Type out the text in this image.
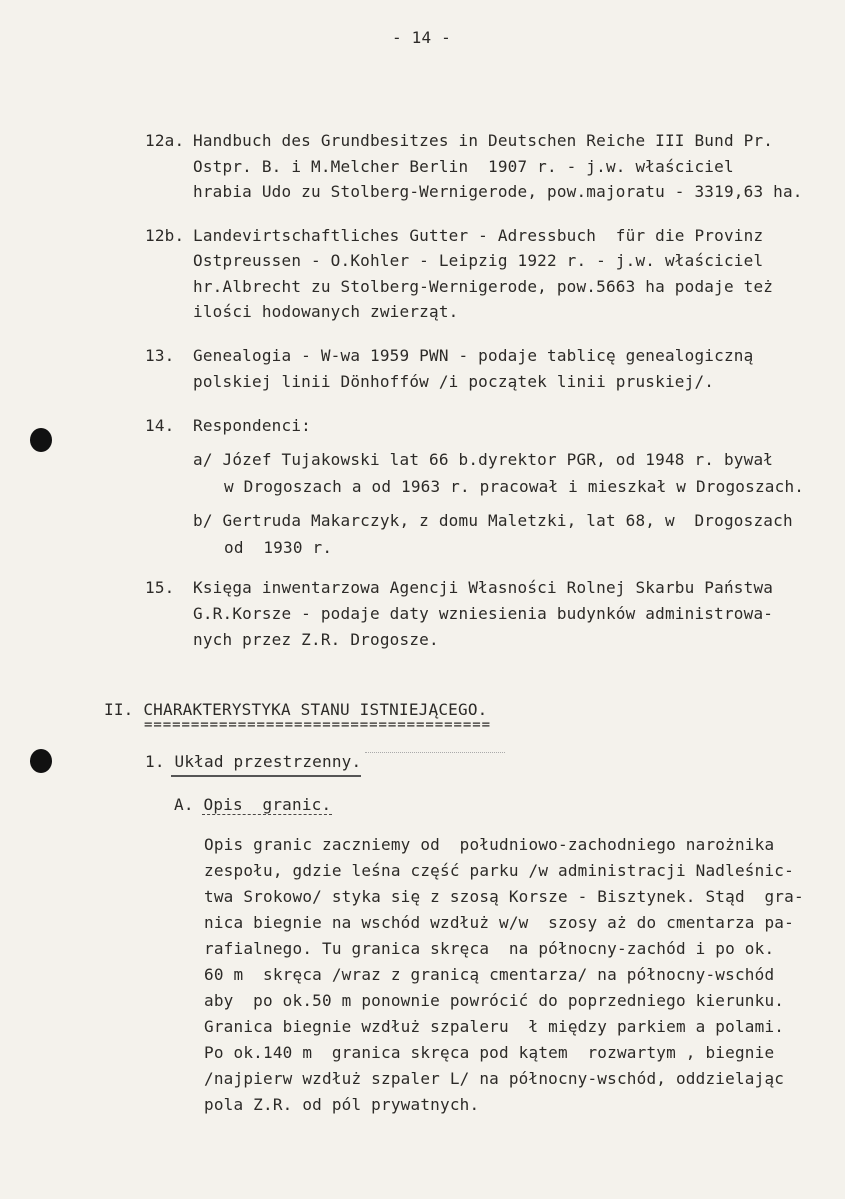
- 14 -
12a. Handbuch des Grundbesitzes in Deutschen Reiche III Bund Pr.
Ostpr. B. i M.Melcher Berlin  1907 r. - j.w. właściciel
hrabia Udo zu Stolberg-Wernigerode, pow.majoratu - 3319,63 ha.
12b. Landevirtschaftliches Gutter - Adressbuch  für die Provinz
Ostpreussen - O.Kohler - Leipzig 1922 r. - j.w. właściciel
hr.Albrecht zu Stolberg-Wernigerode, pow.5663 ha podaje też
ilości hodowanych zwierząt.
13. Genealogia - W-wa 1959 PWN - podaje tablicę genealogiczną
polskiej linii Dönhoffów /i początek linii pruskiej/.
14. Respondenci:
a/ Józef Tujakowski lat 66 b.dyrektor PGR, od 1948 r. bywał
w Drogoszach a od 1963 r. pracował i mieszkał w Drogoszach.
b/ Gertruda Makarczyk, z domu Maletzki, lat 68, w  Drogoszach
od  1930 r.
15. Księga inwentarzowa Agencji Własności Rolnej Skarbu Państwa
G.R.Korsze - podaje daty wzniesienia budynków administrowa-
nych przez Z.R. Drogosze.
II. CHARAKTERYSTYKA STANU ISTNIEJĄCEGO.
=====================================
1. Układ przestrzenny.
A. Opis  granic.
Opis granic zaczniemy od  południowo-zachodniego narożnika
zespołu, gdzie leśna część parku /w administracji Nadleśnic-
twa Srokowo/ styka się z szosą Korsze - Bisztynek. Stąd  gra-
nica biegnie na wschód wzdłuż w/w  szosy aż do cmentarza pa-
rafialnego. Tu granica skręca  na północny-zachód i po ok.
60 m  skręca /wraz z granicą cmentarza/ na północny-wschód
aby  po ok.50 m ponownie powrócić do poprzedniego kierunku.
Granica biegnie wzdłuż szpaleru  ł między parkiem a polami.
Po ok.140 m  granica skręca pod kątem  rozwartym , biegnie
/najpierw wzdłuż szpaler L/ na północny-wschód, oddzielając
pola Z.R. od pól prywatnych.
